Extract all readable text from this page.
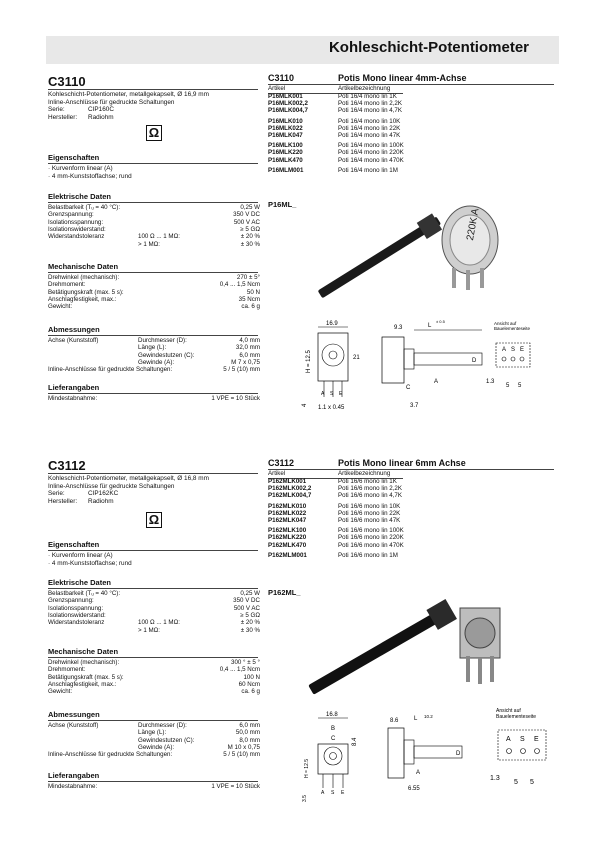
Kohleschicht-Potentiometer
C3110
Kohleschicht-Potentiometer, metallgekapselt, Ø 16,9 mm
Inline-Anschlüsse für gedruckte Schaltungen
Serie:	CIP160C
Hersteller: Radiohm
Ω
Eigenschaften
· Kurvenform linear (A)
· 4 mm-Kunststoffachse; rund
Elektrische Daten
Belastbarkeit (Tᵤ = 40 °C):	0,25 W
Grenzspannung:	350 V DC
Isolationsspannung:	500 V AC
Isolationswiderstand:	≥ 5 GΩ
Widerstandstoleranz	100 Ω ... 1 MΩ:	± 20 %
> 1 MΩ:	± 30 %
Mechanische Daten
Drehwinkel (mechanisch):	270 ± 5°
Drehmoment:	0,4 ... 1,5 Ncm
Betätigungskraft (max. 5 s):	50 N
Anschlagfestigkeit, max.:	35 Ncm
Gewicht:	ca. 6 g
Abmessungen
Achse (Kunststoff)	Durchmesser (D):	4,0 mm
Länge (L):	32,0 mm
Gewindestutzen (C):	6,0 mm
Gewinde (A):	M 7 x 0,75
Inline-Anschlüsse für gedruckte Schaltungen:	5 / 5 (10) mm
Lieferangaben
Mindestabnahme:	1 VPE = 10 Stück
C3110	Potis Mono linear 4mm-Achse
Artikel	Artikelbezeichnung
P16MLK001	Poti 16/4 mono lin 1K
P16MLK002,2	Poti 16/4 mono lin 2,2K
P16MLK004,7	Poti 16/4 mono lin 4,7K
P16MLK010	Poti 16/4 mono lin 10K
P16MLK022	Poti 16/4 mono lin 22K
P16MLK047	Poti 16/4 mono lin 47K
P16MLK100	Poti 16/4 mono lin 100K
P16MLK220	Poti 16/4 mono lin 220K
P16MLK470	Poti 16/4 mono lin 470K
P16MLM001	Poti 16/4 mono lin 1M
P16ML_
220K A
16.9
21
A S E
1.1 x 0.45
4
H = 12.5
9.3	L
± 0.5
D
C
A
3.7
Ansicht auf
Bauelementeseite
A S E
1.3
5 5
C3112
Kohleschicht-Potentiometer, metallgekapselt, Ø 16,8 mm
Inline-Anschlüsse für gedruckte Schaltungen
Serie:	CIP162KC
Hersteller: Radiohm
Ω
Eigenschaften
· Kurvenform linear (A)
· 4 mm-Kunststoffachse; rund
Elektrische Daten
Belastbarkeit (Tᵤ = 40 °C):	0,25 W
Grenzspannung:	350 V DC
Isolationsspannung:	500 V AC
Isolationswiderstand:	≥ 5 GΩ
Widerstandstoleranz	100 Ω ... 1 MΩ:	± 20 %
> 1 MΩ:	± 30 %
Mechanische Daten
Drehwinkel (mechanisch):	300 ° ± 5 °
Drehmoment:	0,4 ... 1,5 Ncm
Betätigungskraft (max. 5 s):	100 N
Anschlagfestigkeit, max.:	60 Ncm
Gewicht:	ca. 6 g
Abmessungen
Achse (Kunststoff)	Durchmesser (D):	6,0 mm
Länge (L):	50,0 mm
Gewindestutzen (C):	8,0 mm
Gewinde (A):	M 10 x 0,75
Inline-Anschlüsse für gedruckte Schaltungen:	5 / 5 (10) mm
Lieferangaben
Mindestabnahme:	1 VPE = 10 Stück
C3112	Potis Mono linear 6mm Achse
Artikel	Artikelbezeichnung
P162MLK001	Poti 16/6 mono lin 1K
P162MLK002,2	Poti 16/6 mono lin 2,2K
P162MLK004,7	Poti 16/6 mono lin 4,7K
P162MLK010	Poti 16/6 mono lin 10K
P162MLK022	Poti 16/6 mono lin 22K
P162MLK047	Poti 16/6 mono lin 47K
P162MLK100	Poti 16/6 mono lin 100K
P162MLK220	Poti 16/6 mono lin 220K
P162MLK470	Poti 16/6 mono lin 470K
P162MLM001	Poti 16/6 mono lin 1M
P162ML_
16.8
B
C	8.4
A S E
H = 12.5
3.5
8.6	L 10.2
D
A
6.55
Ansicht auf
Bauelementeseite
A S E
1.3
5 5
